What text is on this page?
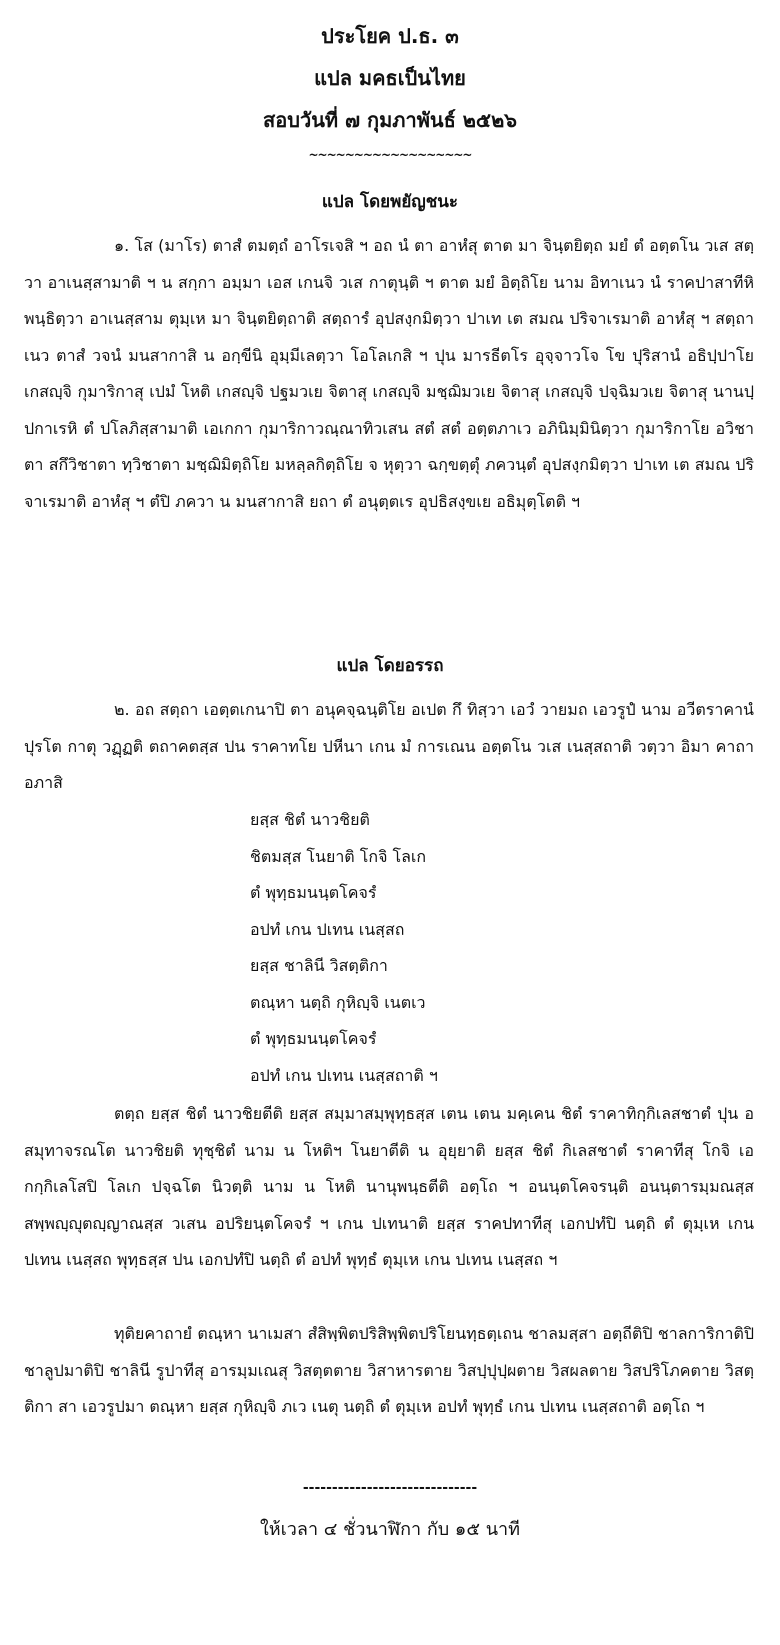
ประโยค ป.ธ. ๓
แปล มคธเป็นไทย
สอบวันที่ ๗ กุมภาพันธ์ ๒๕๒๖
~~~~~~~~~~~~~~~~~~
แปล โดยพยัญชนะ
๑. โส (มาโร) ตาสํ ตมตฺถํ อาโรเจสิ ฯ อถ นํ ตา อาหํสุ ตาต มา จินฺตยิตฺถ มยํ ตํ อตฺตโน วเส สตฺวา อาเนสฺสามาติ ฯ น สกฺกา อมฺมา เอส เกนจิ วเส กาตุนฺติ ฯ ตาต มยํ อิตฺถิโย นาม อิทาเนว นํ ราคปาสาทีหิ พนฺธิตฺวา อาเนสฺสาม ตุมฺเห มา จินฺตยิตฺถาติ สตฺถารํ อุปสงฺกมิตฺวา ปาเท เต สมณ ปริจาเรมาติ อาหํสุ ฯ สตฺถา เนว ตาสํ วจนํ มนสากาสิ น อกฺขีนิ อุมฺมีเลตฺวา โอโลเกสิ ฯ ปุน มารธีตโร อุจฺจาวโจ โข ปุริสานํ อธิปฺปาโย เกสญฺจิ กุมาริกาสุ เปมํ โหติ เกสญฺจิ ปฐมวเย จิตาสุ เกสญฺจิ มชฺฌิมวเย จิตาสุ เกสญฺจิ ปจฺฉิมวเย จิตาสุ นานปฺปกาเรหิ ตํ ปโลภิสฺสามาติ เอเกกา กุมาริกาวณฺณาทิวเสน สตํ สตํ อตฺตภาเว อภินิมฺมินิตฺวา กุมาริกาโย อวิชาตา สกึวิชาตา ทฺวิชาตา มชฺฌิมิตฺถิโย มหลฺลกิตฺถิโย จ หุตฺวา ฉกฺขตฺตุํ ภควนฺตํ อุปสงฺกมิตฺวา ปาเท เต สมณ ปริจาเรมาติ อาหํสุ ฯ ตํปิ ภควา น มนสากาสิ ยถา ตํ อนุตฺตเร อุปธิสงฺขเย อธิมุตฺโตติ ฯ
แปล โดยอรรถ
๒. อถ สตฺถา เอตฺตเกนาปิ ตา อนุคจฺฉนฺติโย อเปต กึ ทิสฺวา เอวํ วายมถ เอวรูปํ นาม อวีตราคานํ ปุรโต กาตุ วฏฺฏติ ตถาคตสฺส ปน ราคาทโย ปหีนา เกน มํ การเณน อตฺตโน วเส เนสฺสถาติ วตฺวา อิมา คาถา อภาสิ
ยสฺส ชิตํ นาวชิยติ
ชิตมสฺส โนยาติ โกจิ โลเก
ตํ พุทฺธมนนฺตโคจรํ
อปทํ เกน ปเทน เนสฺสถ
ยสฺส ชาลินี วิสตฺติกา
ตณฺหา นตฺถิ กุหิญฺจิ เนตเว
ตํ พุทฺธมนนฺตโคจรํ
อปทํ เกน ปเทน เนสฺสถาติ ฯ
ตตฺถ ยสฺส ชิตํ นาวชิยตีติ ยสฺส สมฺมาสมฺพุทฺธสฺส เตน เตน มคฺเคน ชิตํ ราคาทิกฺกิเลสชาตํ ปุน อสมุทาจรณโต นาวชิยติ ทุชฺชิตํ นาม น โหติฯ โนยาตีติ น อุยฺยาติ ยสฺส ชิตํ กิเลสชาตํ ราคาทีสุ โกจิ เอกกฺกิเลโสปิ โลเก ปจฺฉโต นิวตฺติ นาม น โหติ นานุพนฺธตีติ อตฺโถ ฯ อนนฺตโคจรนฺติ อนนฺตารมฺมณสฺส สพฺพญฺญุตญฺญาณสฺส วเสน อปริยนฺตโคจรํ ฯ เกน ปเทนาติ ยสฺส ราคปทาทีสุ เอกปทํปิ นตฺถิ ตํ ตุมฺเห เกน ปเทน เนสฺสถ พุทฺธสฺส ปน เอกปทํปิ นตฺถิ ตํ อปทํ พุทฺธํ ตุมฺเห เกน ปเทน เนสฺสถ ฯ
ทุติยคาถายํ ตณฺหา นาเมสา สํสิพฺพิตปริสิพฺพิตปริโยนทฺธตฺเถน ชาลมสฺสา อตฺถีติปิ ชาลการิกาติปิ ชาลูปมาติปิ ชาลินี รูปาทีสุ อารมฺมเณสุ วิสตฺตตาย วิสาหารตาย วิสปฺปุปฺผตาย วิสผลตาย วิสปริโภคตาย วิสตฺติกา สา เอวรูปมา ตณฺหา ยสฺส กุหิญฺจิ ภเว เนตุ นตฺถิ ตํ ตุมฺเห อปทํ พุทฺธํ เกน ปเทน เนสฺสถาติ อตฺโถ ฯ
------------------------------
ให้เวลา ๔ ชั่วนาฬิกา กับ ๑๕ นาที
